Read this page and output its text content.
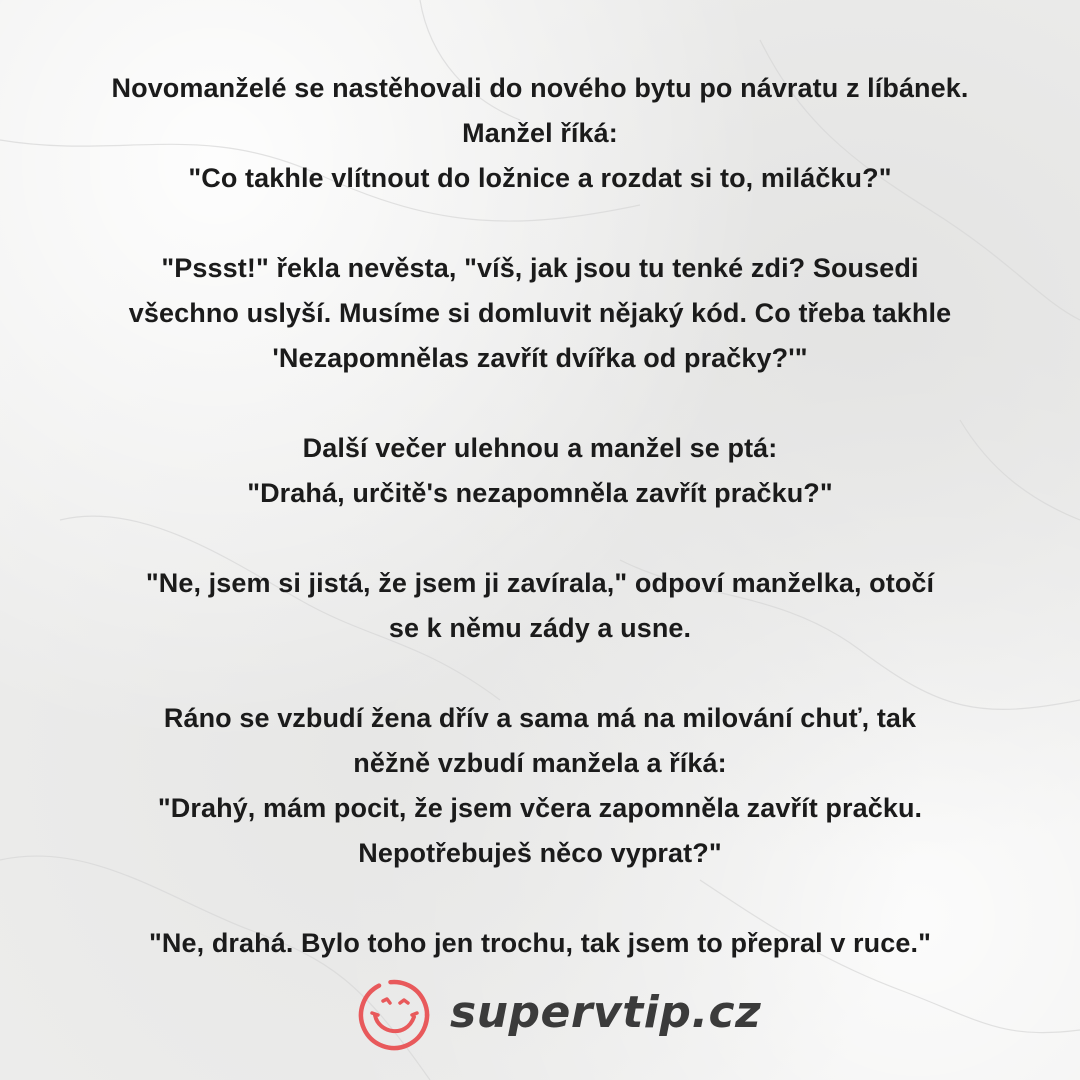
Novomanželé se nastěhovali do nového bytu po návratu z líbánek.
Manžel říká:
"Co takhle vlítnout do ložnice a rozdat si to, miláčku?"
"Pssst!" řekla nevěsta, "víš, jak jsou tu tenké zdi? Sousedi
všechno uslyší. Musíme si domluvit nějaký kód. Co třeba takhle
'Nezapomnělas zavřít dvířka od pračky?'"
Další večer ulehnou a manžel se ptá:
"Drahá, určitě's nezapomněla zavřít pračku?"
"Ne, jsem si jistá, že jsem ji zavírala," odpoví manželka, otočí
se k němu zády a usne.
Ráno se vzbudí žena dřív a sama má na milování chuť, tak
něžně vzbudí manžela a říká:
"Drahý, mám pocit, že jsem včera zapomněla zavřít pračku.
Nepotřebuješ něco vyprat?"
"Ne, drahá. Bylo toho jen trochu, tak jsem to přepral v ruce."
supervtip.cz
